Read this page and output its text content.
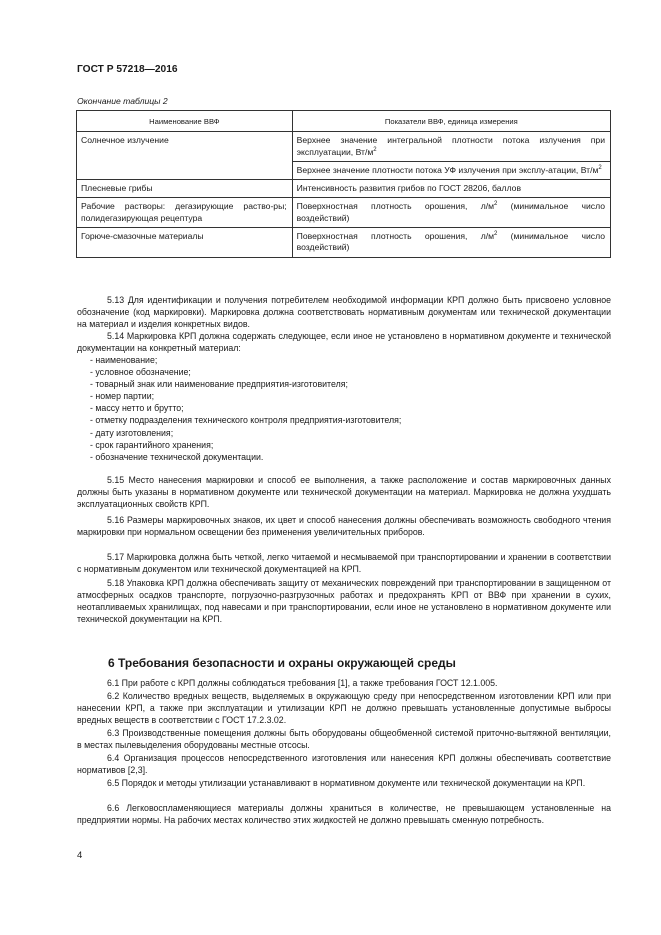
ГОСТ Р 57218—2016
Окончание таблицы 2
Наименование ВВФ	Показатели ВВФ, единица измерения
Солнечное излучение	Верхнее значение интегральной плотности потока излучения при эксплуатации, $Вт/м^2$
	Верхнее значение плотности потока УФ излучения при эксплу-атации, $Вт/м^2$
Плесневые грибы	Интенсивность развития грибов по ГОСТ 28206, баллов
Рабочие растворы: дегазирующие раство-ры; полидегазирующая рецептура	Поверхностная плотность орошения, $л/м^2$ (минимальное число воздействий)
Горюче-смазочные материалы	Поверхностная плотность орошения, $л/м^2$ (минимальное число воздействий)
5.13 Для идентификации и получения потребителем необходимой информации КРП должно быть присвоено условное обозначение (код маркировки). Маркировка должна соответствовать нормативным документам или технической документации на материал и изделия конкретных видов.
5.14 Маркировка КРП должна содержать следующее, если иное не установлено в нормативном документе и технической документации на конкретный материал:
- наименование;
- условное обозначение;
- товарный знак или наименование предприятия-изготовителя;
- номер партии;
- массу нетто и брутто;
- отметку подразделения технического контроля предприятия-изготовителя;
- дату изготовления;
- срок гарантийного хранения;
- обозначение технической документации.
5.15 Место нанесения маркировки и способ ее выполнения, а также расположение и состав маркировочных данных должны быть указаны в нормативном документе или технической документации на материал. Маркировка не должна ухудшать эксплуатационных свойств КРП.
5.16 Размеры маркировочных знаков, их цвет и способ нанесения должны обеспечивать возможность свободного чтения маркировки при нормальном освещении без применения увеличительных приборов.
5.17 Маркировка должна быть четкой, легко читаемой и несмываемой при транспортировании и хранении в соответствии с нормативным документом или технической документацией на КРП.
5.18 Упаковка КРП должна обеспечивать защиту от механических повреждений при транспортировании в защищенном от атмосферных осадков транспорте, погрузочно-разгрузочных работах и предохранять КРП от ВВФ при хранении в сухих, неотапливаемых хранилищах, под навесами и при транспортировании, если иное не установлено в нормативном документе или технической документации на КРП.
6 Требования безопасности и охраны окружающей среды
6.1 При работе с КРП должны соблюдаться требования [1], а также требования ГОСТ 12.1.005.
6.2 Количество вредных веществ, выделяемых в окружающую среду при непосредственном изготовлении КРП или при нанесении КРП, а также при эксплуатации и утилизации КРП не должно превышать установленные допустимые выбросы вредных веществ в соответствии с ГОСТ 17.2.3.02.
6.3 Производственные помещения должны быть оборудованы общеобменной системой приточно-вытяжной вентиляции, в местах пылевыделения оборудованы местные отсосы.
6.4 Организация процессов непосредственного изготовления или нанесения КРП должны обеспечивать соответствие нормативов [2,3].
6.5 Порядок и методы утилизации устанавливают в нормативном документе или технической документации на КРП.
6.6 Легковоспламеняющиеся материалы должны храниться в количестве, не превышающем установленные на предприятии нормы. На рабочих местах количество этих жидкостей не должно превышать сменную потребность.
4
